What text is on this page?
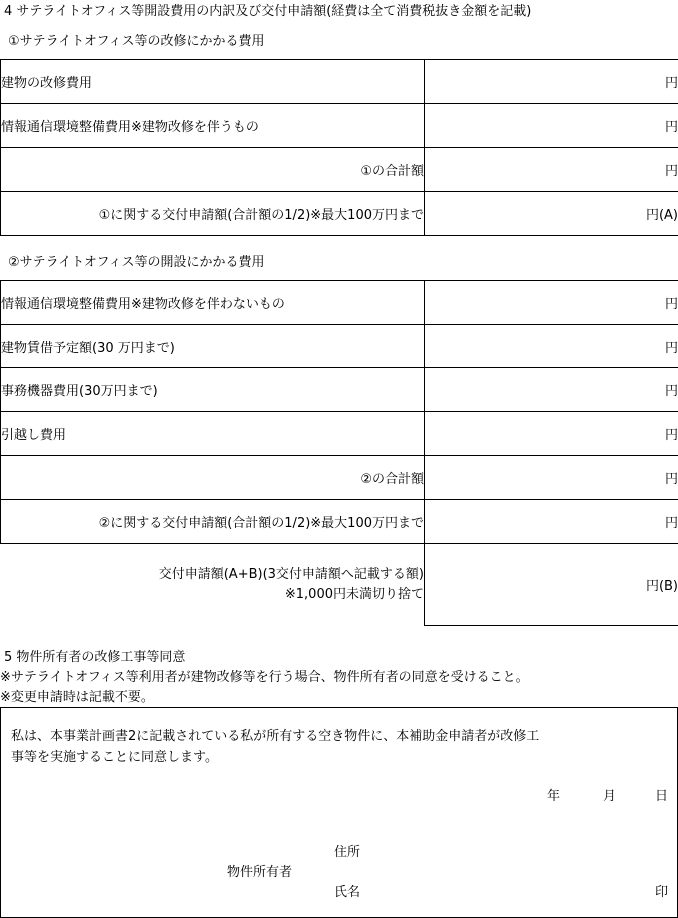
4 サテライトオフィス等開設費用の内訳及び交付申請額(経費は全て消費税抜き金額を記載)
①サテライトオフィス等の改修にかかる費用
建物の改修費用	円
情報通信環境整備費用※建物改修を伴うもの	円
①の合計額	円
①に関する交付申請額(合計額の1/2)※最大100万円まで	円(A)
②サテライトオフィス等の開設にかかる費用
情報通信環境整備費用※建物改修を伴わないもの	円
建物賃借予定額(30 万円まで)	円
事務機器費用(30万円まで)	円
引越し費用	円
②の合計額	円
②に関する交付申請額(合計額の1/2)※最大100万円まで	円

交付申請額(A+B)(3交付申請額へ記載する額)
※1,000円未満切り捨て	円(B)
5 物件所有者の改修工事等同意
※サテライトオフィス等利用者が建物改修等を行う場合、物件所有者の同意を受けること。
※変更申請時は記載不要。
私は、本事業計画書2に記載されている私が所有する空き物件に、本補助金申請者が改修工
事等を実施することに同意します。
年	月	日
住所
物件所有者
氏名	印
